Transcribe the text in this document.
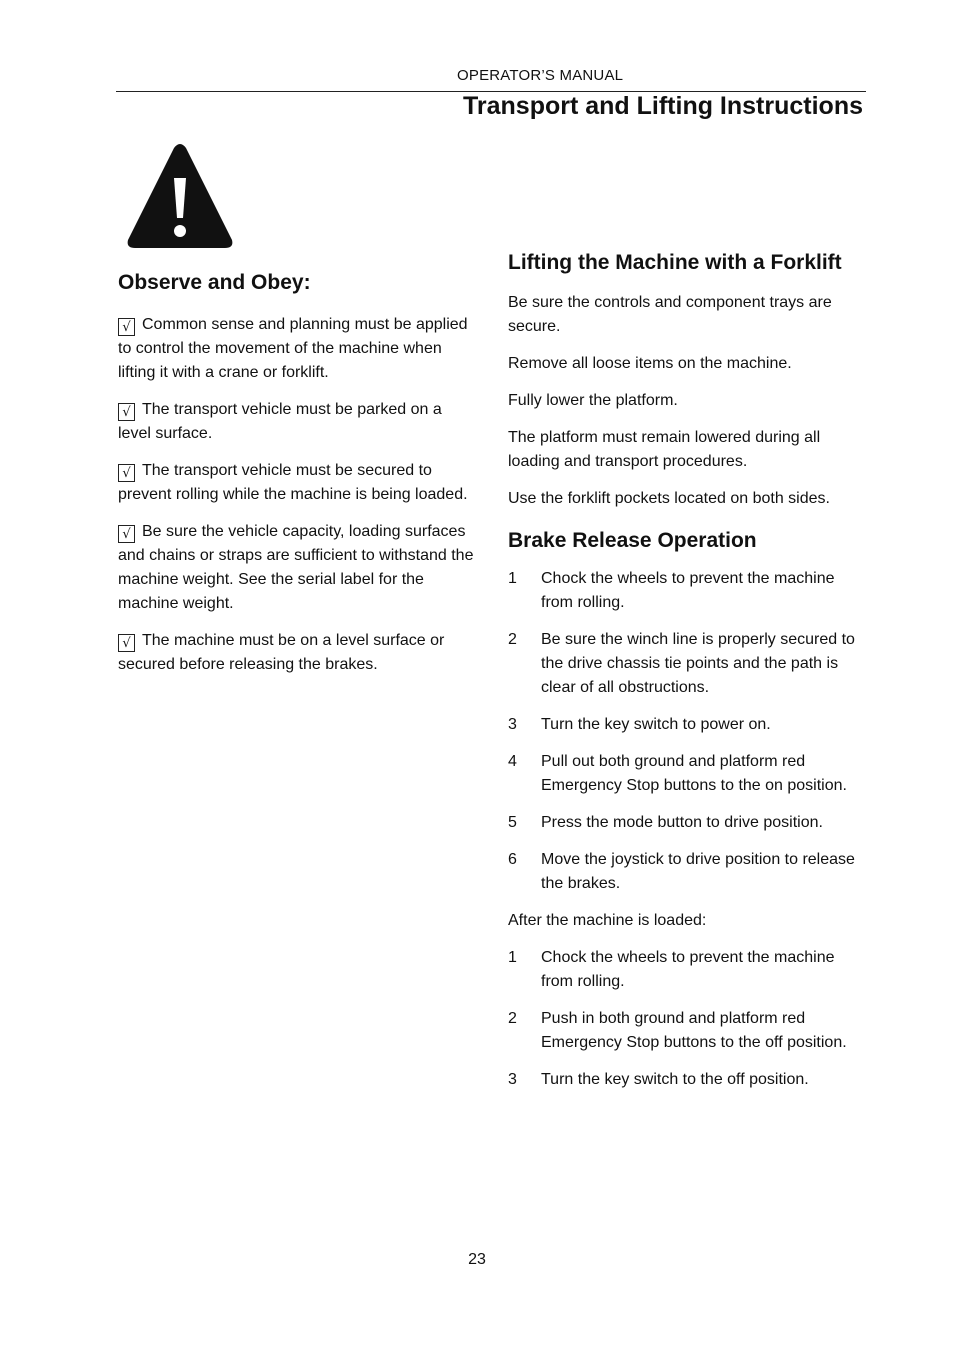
OPERATOR’S MANUAL
Transport and Lifting Instructions
Observe and Obey:
√ Common sense and planning must be applied to control the movement of the machine when lifting it with a crane or forklift.
√ The transport vehicle must be parked on a level surface.
√ The transport vehicle must be secured to prevent rolling while the machine is being loaded.
√ Be sure the vehicle capacity, loading surfaces and chains or straps are sufficient to withstand the machine weight. See the serial label for the machine weight.
√ The machine must be on a level surface or secured before releasing the brakes.
Lifting the Machine with a Forklift

Be sure the controls and component trays are secure.

Remove all loose items on the machine.

Fully lower the platform.

The platform must remain lowered during all loading and transport procedures.

Use the forklift pockets located on both sides.

Brake Release Operation
1	Chock the wheels to prevent the machine from rolling.
2	Be sure the winch line is properly secured to the drive chassis tie points and the path is clear of all obstructions.
3	Turn the key switch to power on.
4	Pull out both ground and platform red Emergency Stop buttons to the on position.
5	Press the mode button to drive position.
6	Move the joystick to drive position to release the brakes.

After the machine is loaded:

1	Chock the wheels to prevent the machine from rolling.
2	Push in both ground and platform red Emergency Stop buttons to the off position.
3	Turn the key switch to the off position.
23
